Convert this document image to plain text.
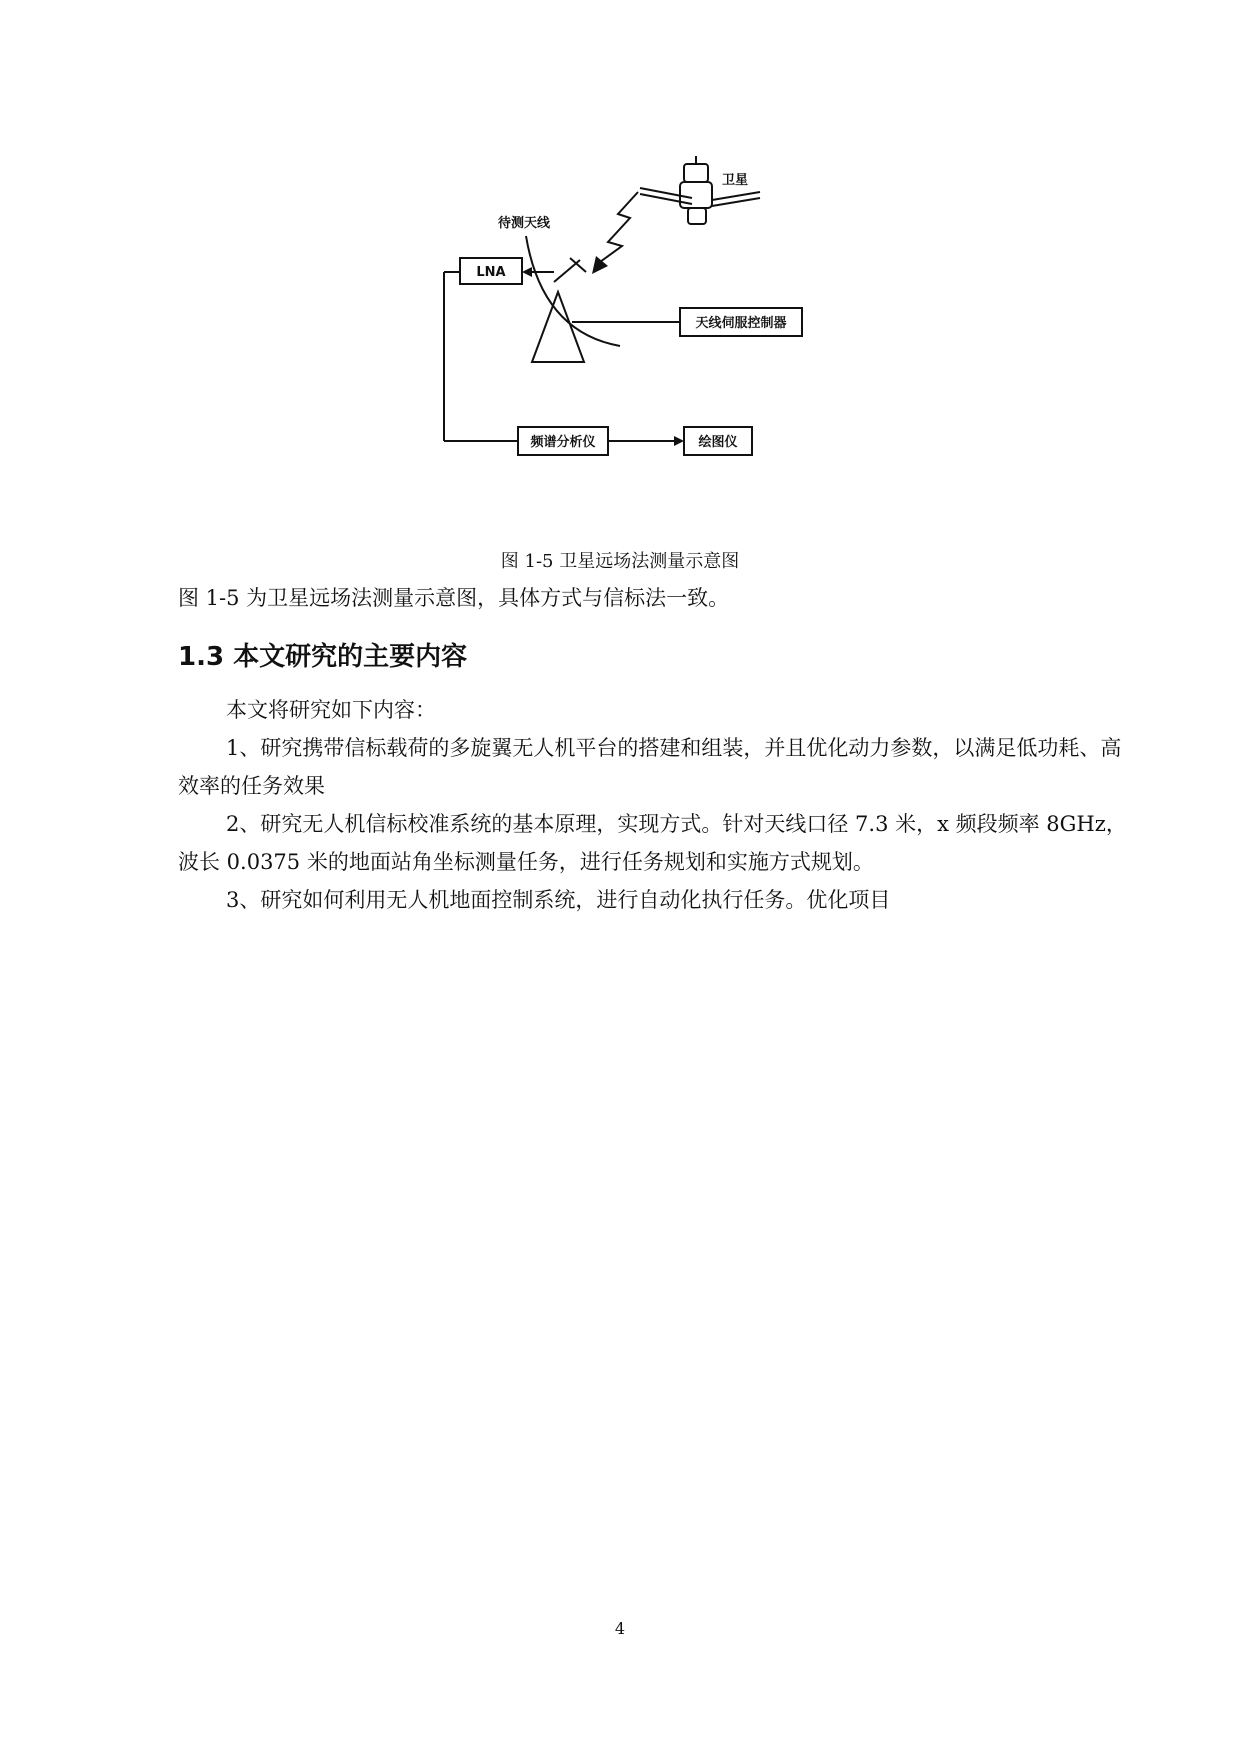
卫星
待测天线
LNA
天线伺服控制器
频谱分析仪	绘图仪
图 1-5 卫星远场法测量示意图

图 1-5 为卫星远场法测量示意图，具体方式与信标法一致。

1.3 本文研究的主要内容

本文将研究如下内容：

1、研究携带信标载荷的多旋翼无人机平台的搭建和组装，并且优化动力参数，以满足低功耗、高效率的任务效果

2、研究无人机信标校准系统的基本原理，实现方式。针对天线口径 7.3 米，x 频段频率 8GHz，波长 0.0375 米的地面站角坐标测量任务，进行任务规划和实施方式规划。

3、研究如何利用无人机地面控制系统，进行自动化执行任务。优化项目

4
